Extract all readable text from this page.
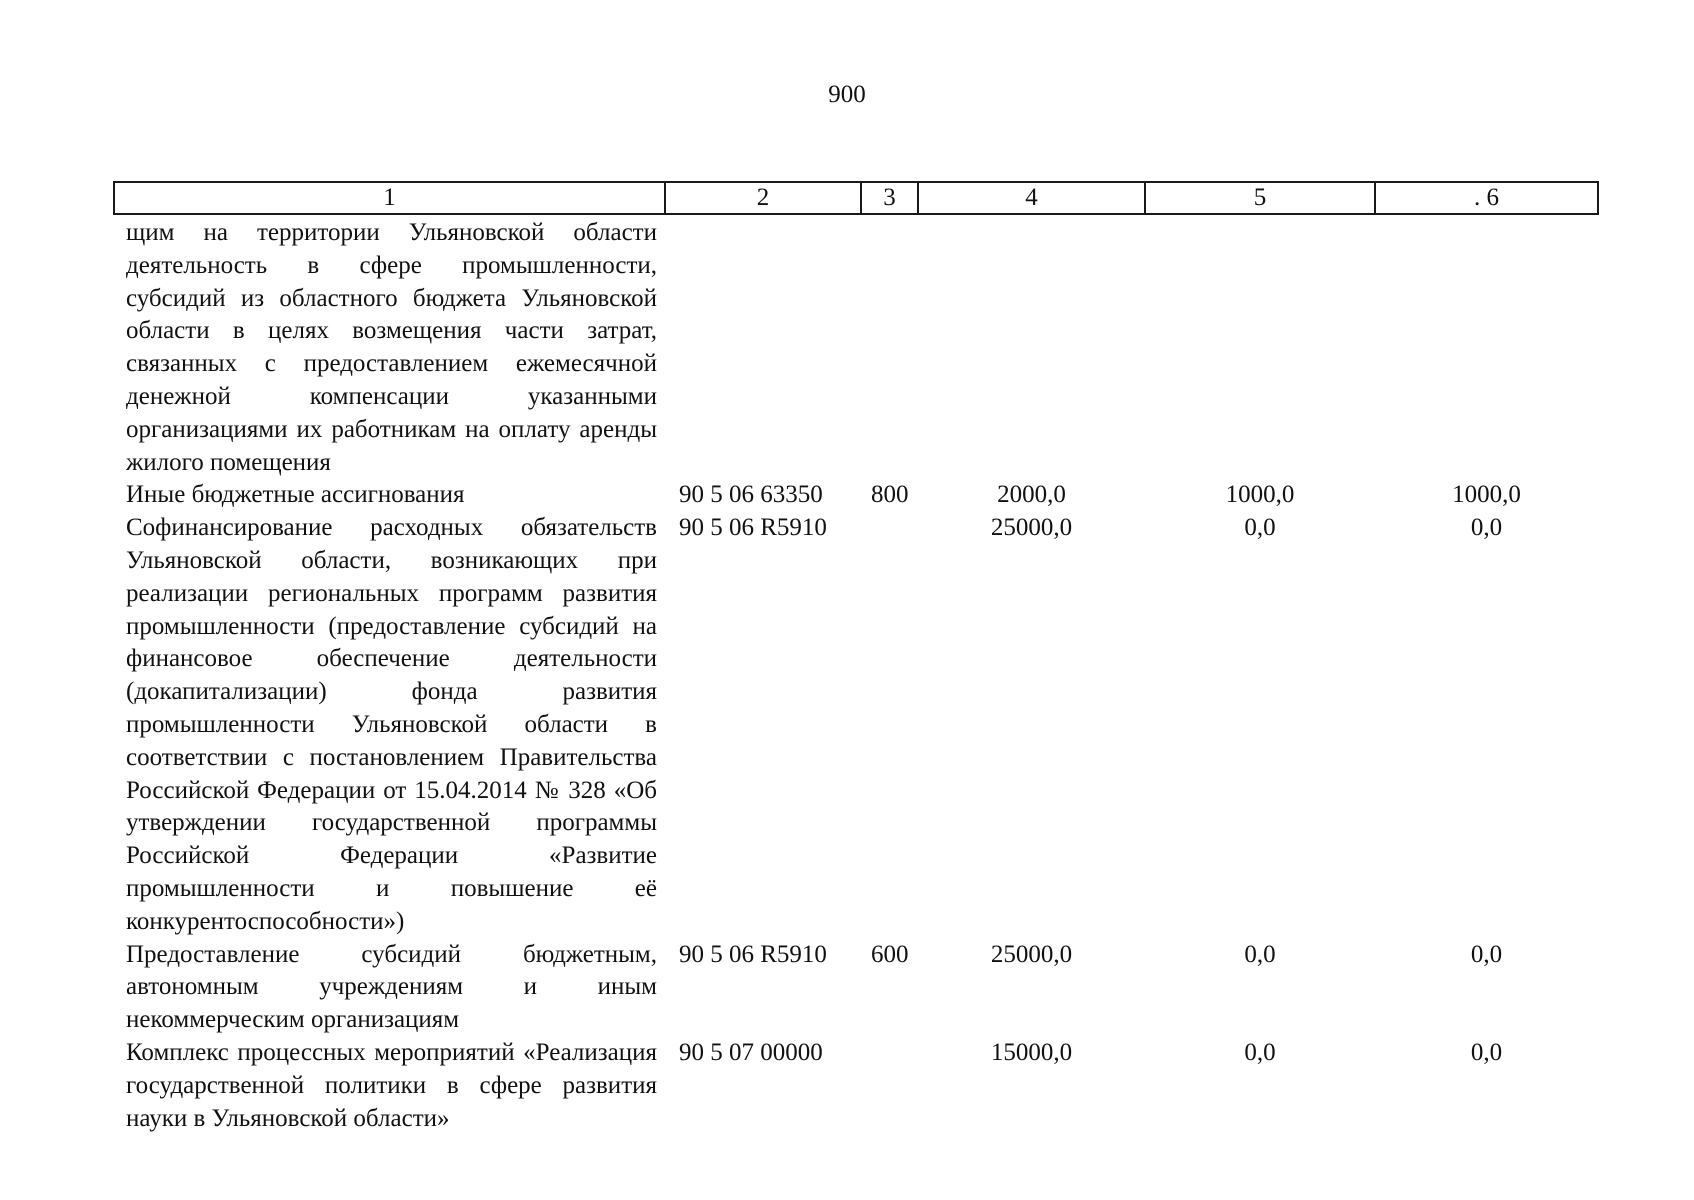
900
1	2	3	4	5	. 6
щим на территории Ульяновской области деятельность в сфере промышленности, субсидий из областного бюджета Ульяновской области в целях возмещения части затрат, связанных с предоставлением ежемесячной денежной компенсации указанными организациями их работникам на оплату аренды жилого помещения					
Иные бюджетные ассигнования	90 5 06 63350	800	2000,0	1000,0	1000,0
Софинансирование расходных обязательств Ульяновской области, возникающих при реализации региональных программ развития промышленности (предоставление субсидий на финансовое обеспечение деятельности (докапитализации) фонда развития промышленности Ульяновской области в соответствии с постановлением Правительства Российской Федерации от 15.04.2014 № 328 «Об утверждении государственной программы Российской Федерации «Развитие промышленности и повышение её конкурентоспособности»)	90 5 06 R5910		25000,0	0,0	0,0
Предоставление субсидий бюджетным, автономным учреждениям и иным некоммерческим организациям	90 5 06 R5910	600	25000,0	0,0	0,0
Комплекс процессных мероприятий «Реализация государственной политики в сфере развития науки в Ульяновской области»	90 5 07 00000		15000,0	0,0	0,0
